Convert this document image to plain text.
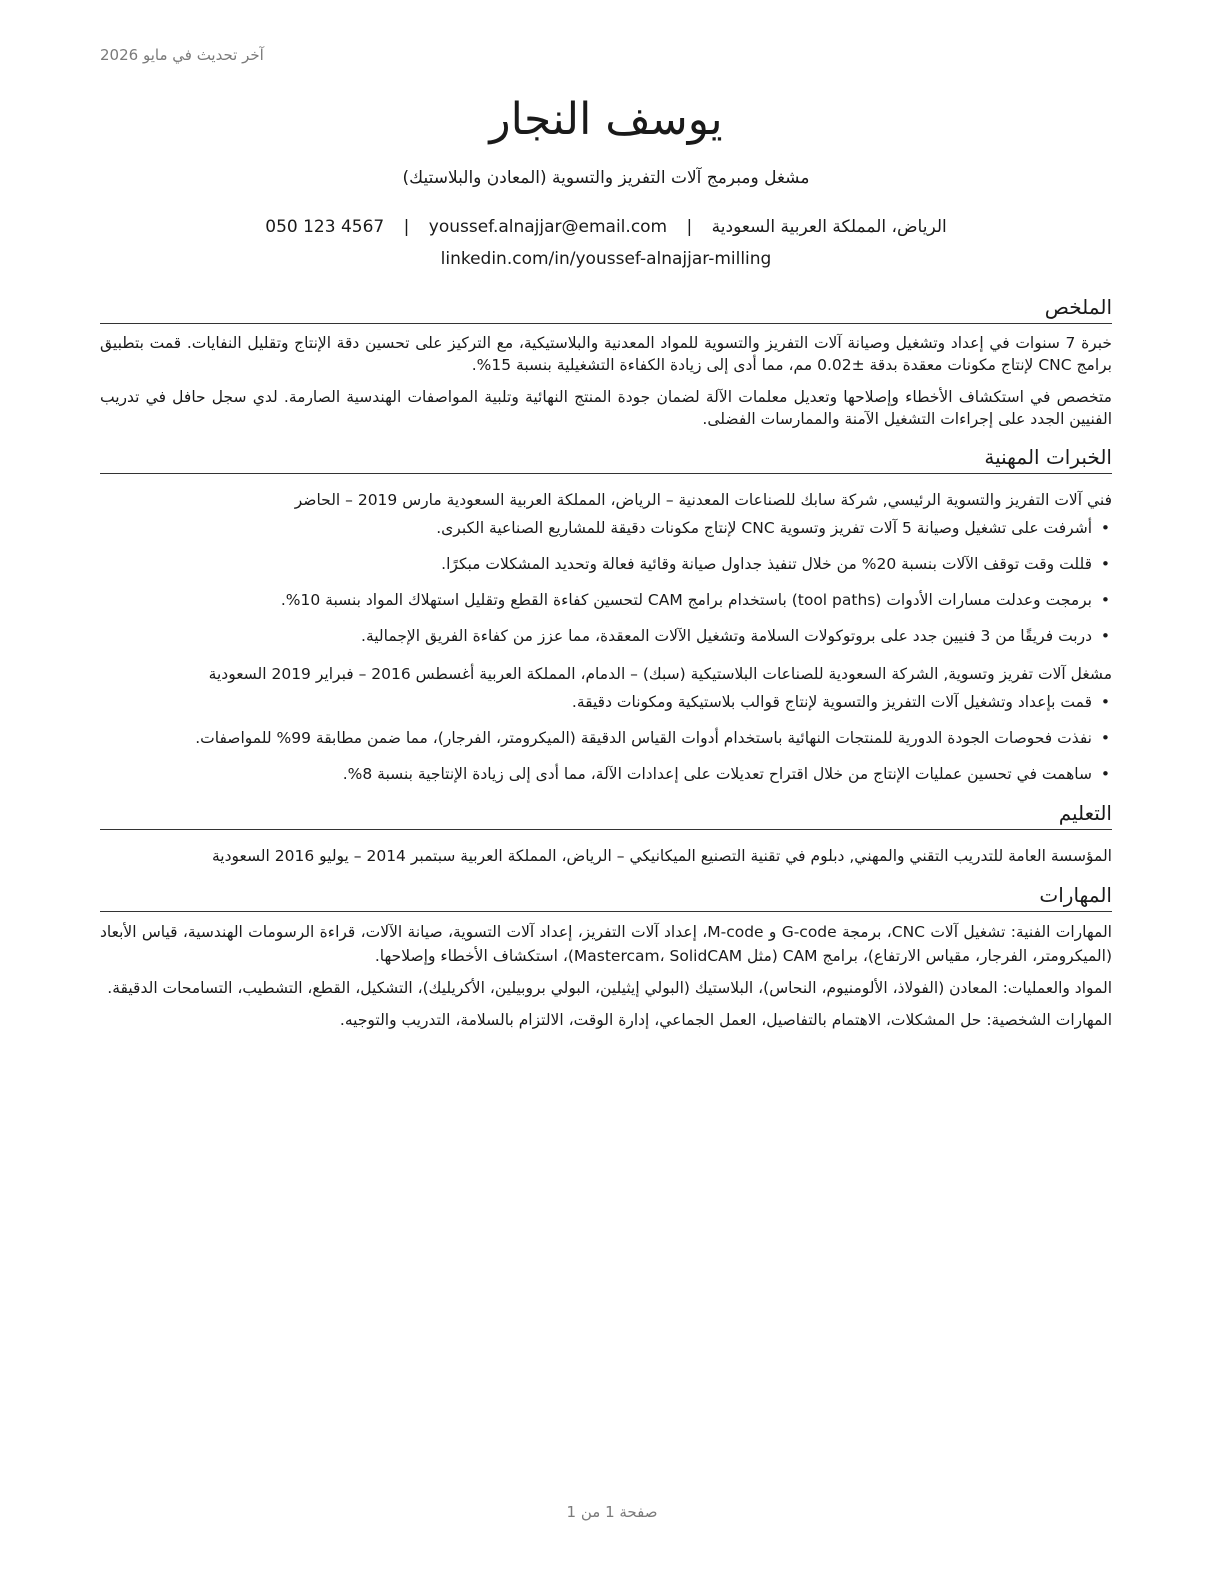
آخر تحديث في مايو 2026
يوسف النجار
مشغل ومبرمج آلات التفريز والتسوية (المعادن والبلاستيك)
الرياض، المملكة العربية السعودية | youssef.alnajjar@email.com | 050 123 4567
linkedin.com/in/youssef-alnajjar-milling
الملخص

خبرة 7 سنوات في إعداد وتشغيل وصيانة آلات التفريز والتسوية للمواد المعدنية والبلاستيكية، مع التركيز على تحسين دقة الإنتاج وتقليل النفايات. قمت بتطبيق برامج CNC لإنتاج مكونات معقدة بدقة ±0.02 مم، مما أدى إلى زيادة الكفاءة التشغيلية بنسبة 15%.

متخصص في استكشاف الأخطاء وإصلاحها وتعديل معلمات الآلة لضمان جودة المنتج النهائية وتلبية المواصفات الهندسية الصارمة. لدي سجل حافل في تدريب الفنيين الجدد على إجراءات التشغيل الآمنة والممارسات الفضلى.

الخبرات المهنية
فني آلات التفريز والتسوية الرئيسي, شركة سابك للصناعات المعدنية – الرياض، المملكة العربية السعودية مارس 2019 – الحاضر
•
أشرفت على تشغيل وصيانة 5 آلات تفريز وتسوية CNC لإنتاج مكونات دقيقة للمشاريع الصناعية الكبرى.
•
قللت وقت توقف الآلات بنسبة 20% من خلال تنفيذ جداول صيانة وقائية فعالة وتحديد المشكلات مبكرًا.
•
برمجت وعدلت مسارات الأدوات (tool paths) باستخدام برامج CAM لتحسين كفاءة القطع وتقليل استهلاك المواد بنسبة 10%.
•
دربت فريقًا من 3 فنيين جدد على بروتوكولات السلامة وتشغيل الآلات المعقدة، مما عزز من كفاءة الفريق الإجمالية.
مشغل آلات تفريز وتسوية, الشركة السعودية للصناعات البلاستيكية (سبك) – الدمام، المملكة العربية أغسطس 2016 – فبراير 2019 السعودية
•
قمت بإعداد وتشغيل آلات التفريز والتسوية لإنتاج قوالب بلاستيكية ومكونات دقيقة.
•
نفذت فحوصات الجودة الدورية للمنتجات النهائية باستخدام أدوات القياس الدقيقة (الميكرومتر، الفرجار)، مما ضمن مطابقة 99% للمواصفات.
•
ساهمت في تحسين عمليات الإنتاج من خلال اقتراح تعديلات على إعدادات الآلة، مما أدى إلى زيادة الإنتاجية بنسبة 8%.
التعليم
المؤسسة العامة للتدريب التقني والمهني, دبلوم في تقنية التصنيع الميكانيكي – الرياض، المملكة العربية سبتمبر 2014 – يوليو 2016 السعودية
المهارات
المهارات الفنية: تشغيل آلات CNC، برمجة G-code و M-code، إعداد آلات التفريز، إعداد آلات التسوية، صيانة الآلات، قراءة الرسومات الهندسية، قياس الأبعاد (الميكرومتر، الفرجار، مقياس الارتفاع)، برامج CAM (مثل Mastercam، SolidCAM)، استكشاف الأخطاء وإصلاحها.
المواد والعمليات: المعادن (الفولاذ، الألومنيوم، النحاس)، البلاستيك (البولي إيثيلين، البولي بروبيلين، الأكريليك)، التشكيل، القطع، التشطيب، التسامحات الدقيقة.
المهارات الشخصية: حل المشكلات، الاهتمام بالتفاصيل، العمل الجماعي، إدارة الوقت، الالتزام بالسلامة، التدريب والتوجيه.
صفحة 1 من 1
